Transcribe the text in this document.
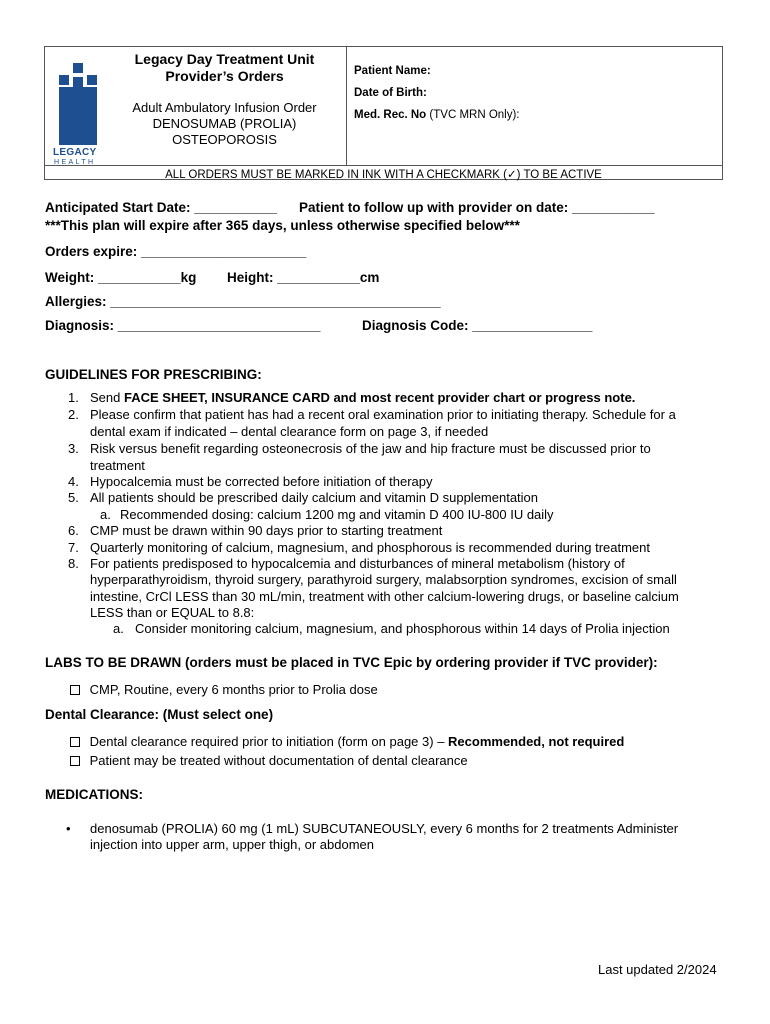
LEGACY
HEALTH
Legacy Day Treatment Unit
Provider’s Orders
Adult Ambulatory Infusion Order
DENOSUMAB (PROLIA)
OSTEOPOROSIS
Patient Name:
Date of Birth:
Med. Rec. No (TVC MRN Only):
ALL ORDERS MUST BE MARKED IN INK WITH A CHECKMARK (✓) TO BE ACTIVE
Anticipated Start Date: ___________ Patient to follow up with provider on date: ___________
***This plan will expire after 365 days, unless otherwise specified below***
Orders expire: ______________________
Weight: ___________kg Height: ___________cm
Allergies: ____________________________________________
Diagnosis: ___________________________	Diagnosis Code: ________________
GUIDELINES FOR PRESCRIBING:
1. Send FACE SHEET, INSURANCE CARD and most recent provider chart or progress note.
2. Please confirm that patient has had a recent oral examination prior to initiating therapy. Schedule for a
dental exam if indicated – dental clearance form on page 3, if needed
3. Risk versus benefit regarding osteonecrosis of the jaw and hip fracture must be discussed prior to
treatment
4. Hypocalcemia must be corrected before initiation of therapy
5. All patients should be prescribed daily calcium and vitamin D supplementation
a. Recommended dosing: calcium 1200 mg and vitamin D 400 IU-800 IU daily
6. CMP must be drawn within 90 days prior to starting treatment
7. Quarterly monitoring of calcium, magnesium, and phosphorous is recommended during treatment
8. For patients predisposed to hypocalcemia and disturbances of mineral metabolism (history of
hyperparathyroidism, thyroid surgery, parathyroid surgery, malabsorption syndromes, excision of small
intestine, CrCl LESS than 30 mL/min, treatment with other calcium-lowering drugs, or baseline calcium
LESS than or EQUAL to 8.8:
a. Consider monitoring calcium, magnesium, and phosphorous within 14 days of Prolia injection
LABS TO BE DRAWN (orders must be placed in TVC Epic by ordering provider if TVC provider):
CMP, Routine, every 6 months prior to Prolia dose
Dental Clearance: (Must select one)
Dental clearance required prior to initiation (form on page 3) – Recommended, not required
Patient may be treated without documentation of dental clearance
MEDICATIONS:
• denosumab (PROLIA) 60 mg (1 mL) SUBCUTANEOUSLY, every 6 months for 2 treatments Administer
injection into upper arm, upper thigh, or abdomen
Last updated 2/2024
